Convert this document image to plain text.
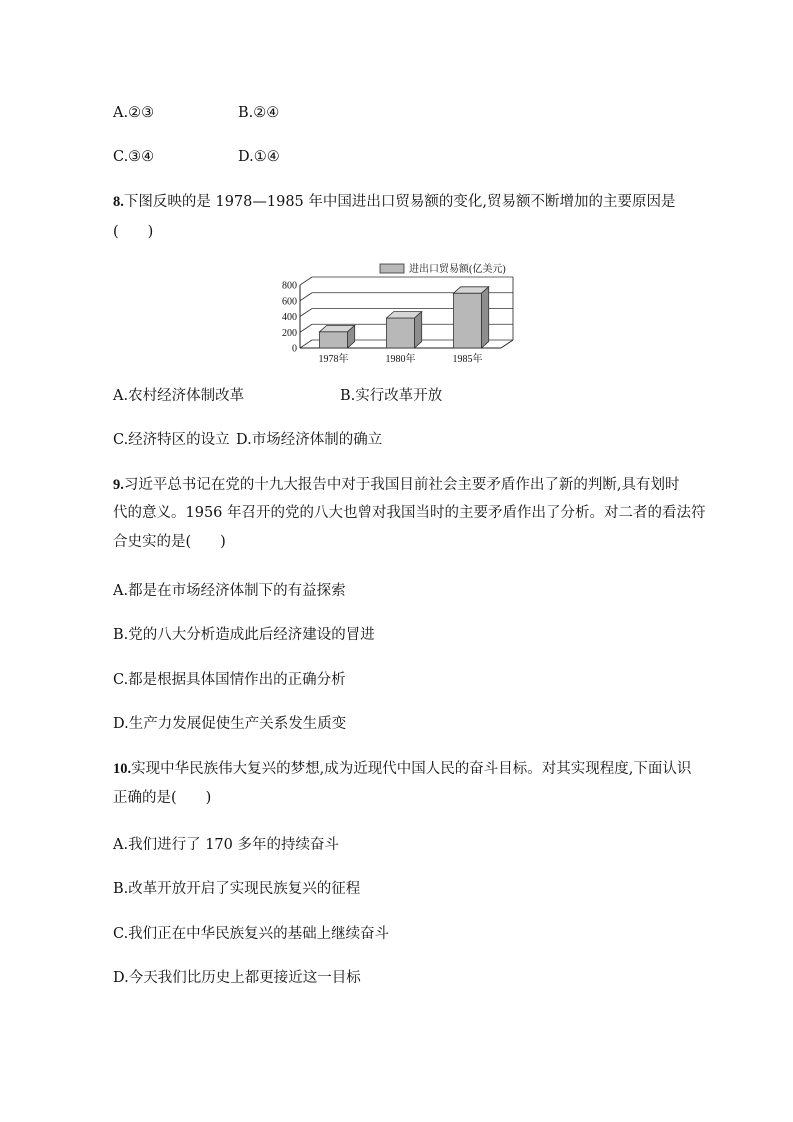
A.②③	B.②④
C.③④	D.①④
8.下图反映的是 1978—1985 年中国进出口贸易额的变化,贸易额不断增加的主要原因是
(　　)
0
200
400
600
800
1978年	1980年	1985年
进出口贸易额(亿美元)
A.农村经济体制改革	B.实行改革开放
C.经济特区的设立 D.市场经济体制的确立
9.习近平总书记在党的十九大报告中对于我国目前社会主要矛盾作出了新的判断,具有划时
代的意义。1956 年召开的党的八大也曾对我国当时的主要矛盾作出了分析。对二者的看法符
合史实的是(　　)
A.都是在市场经济体制下的有益探索
B.党的八大分析造成此后经济建设的冒进
C.都是根据具体国情作出的正确分析
D.生产力发展促使生产关系发生质变
10.实现中华民族伟大复兴的梦想,成为近现代中国人民的奋斗目标。对其实现程度,下面认识
正确的是(　　)
A.我们进行了 170 多年的持续奋斗
B.改革开放开启了实现民族复兴的征程
C.我们正在中华民族复兴的基础上继续奋斗
D.今天我们比历史上都更接近这一目标
